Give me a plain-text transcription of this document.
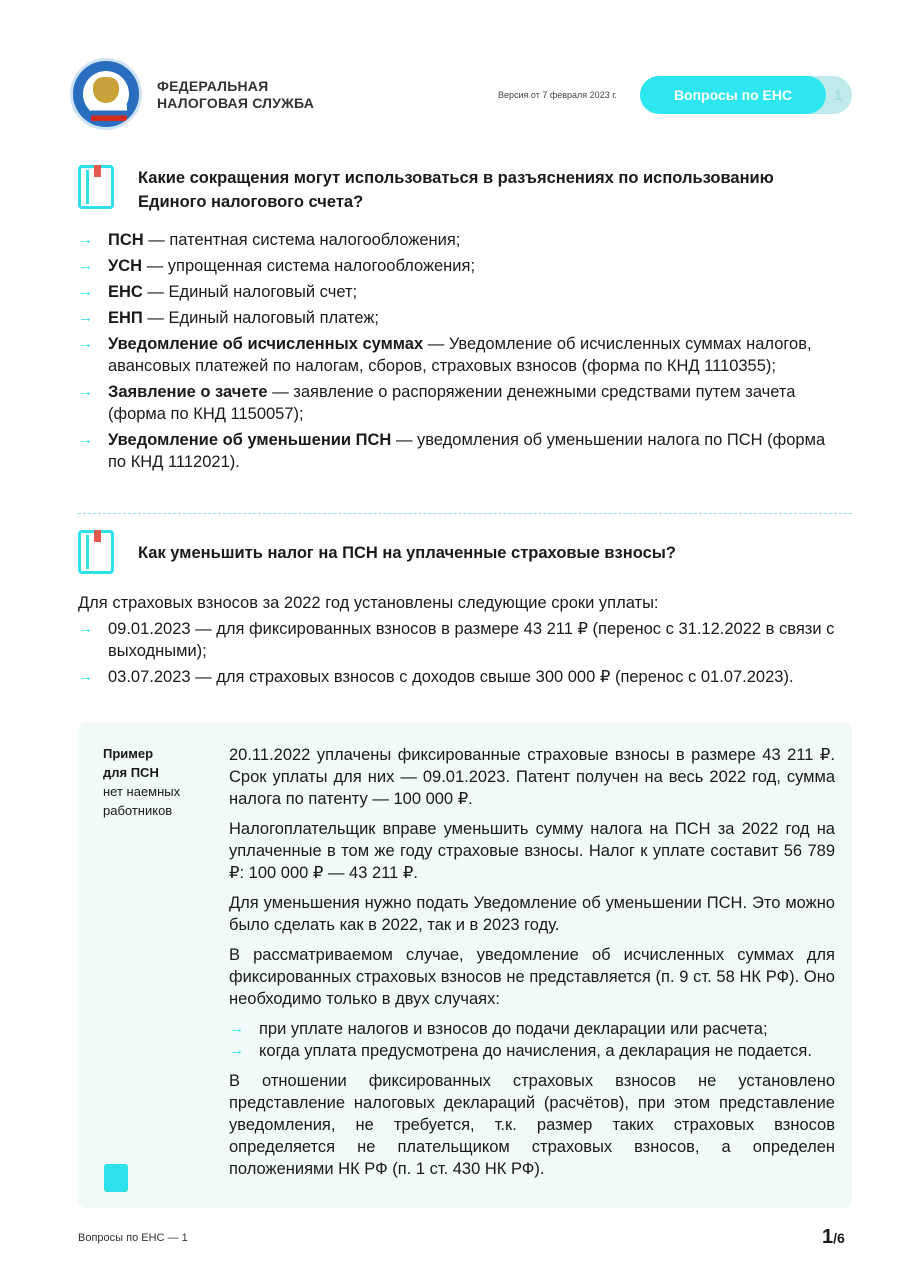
ФЕДЕРАЛЬНАЯ
НАЛОГОВАЯ СЛУЖБА	Версия от 7 февраля 2023 г.	Вопросы по ЕНС	1
Какие сокращения могут использоваться в разъяснениях по использованию Единого налогового счета?
→ ПСН — патентная система налогообложения;
→ УСН — упрощенная система налогообложения;
→ ЕНС — Единый налоговый счет;
→ ЕНП — Единый налоговый платеж;
→ Уведомление об исчисленных суммах — Уведомление об исчисленных суммах налогов, авансовых платежей по налогам, сборов, страховых взносов (форма по КНД 1110355);
→ Заявление о зачете — заявление о распоряжении денежными средствами путем зачета (форма по КНД 1150057);
→ Уведомление об уменьшении ПСН — уведомления об уменьшении налога по ПСН (форма по КНД 1112021).
Как уменьшить налог на ПСН на уплаченные страховые взносы?
Для страховых взносов за 2022 год установлены следующие сроки уплаты:
→ 09.01.2023 — для фиксированных взносов в размере 43 211 ₽ (перенос с 31.12.2022 в связи с выходными);
→ 03.07.2023 — для страховых взносов с доходов свыше 300 000 ₽ (перенос с 01.07.2023).
Пример
для ПСН
нет наемных работников

20.11.2022 уплачены фиксированные страховые взносы в размере 43 211 ₽. Срок уплаты для них — 09.01.2023. Патент получен на весь 2022 год, сумма налога по патенту — 100 000 ₽.

Налогоплательщик вправе уменьшить сумму налога на ПСН за 2022 год на уплаченные в том же году страховые взносы. Налог к уплате составит 56 789 ₽: 100 000 ₽ — 43 211 ₽.

Для уменьшения нужно подать Уведомление об уменьшении ПСН. Это можно было сделать как в 2022, так и в 2023 году.

В рассматриваемом случае, уведомление об исчисленных суммах для фиксированных страховых взносов не представляется (п. 9 ст. 58 НК РФ). Оно необходимо только в двух случаях:

→ при уплате налогов и взносов до подачи декларации или расчета;
→ когда уплата предусмотрена до начисления, а декларация не подается.

В отношении фиксированных страховых взносов не установлено представление налоговых деклараций (расчётов), при этом представление уведомления, не требуется, т.к. размер таких страховых взносов определяется не плательщиком страховых взносов, а определен положениями НК РФ (п. 1 ст. 430 НК РФ).

Вопросы по ЕНС — 1	1/6
